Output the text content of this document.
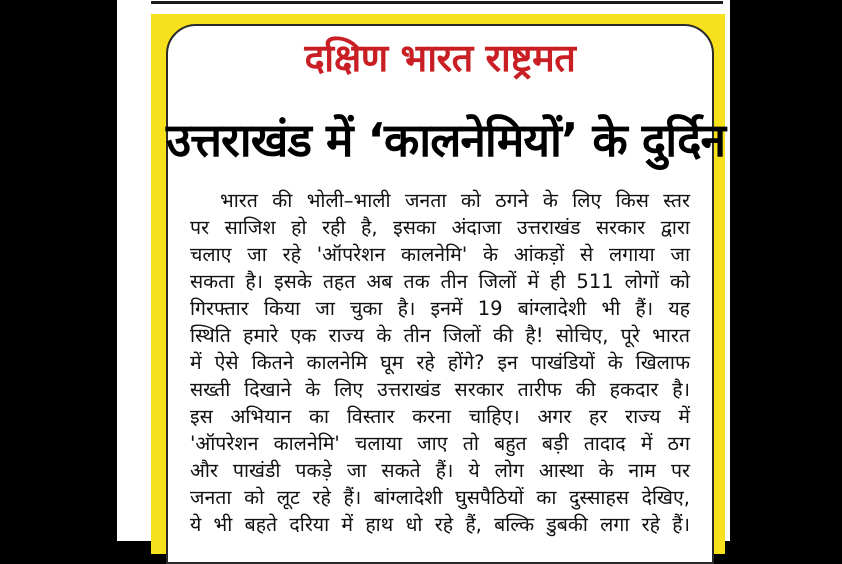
दक्षिण भारत राष्ट्रमत
उत्तराखंड में ‘कालनेमियों’ के दुर्दिन
भारत की भोली–भाली जनता को ठगने के लिए किस स्तर
पर साजिश हो रही है, इसका अंदाजा उत्तराखंड सरकार द्वारा
चलाए जा रहे 'ऑपरेशन कालनेमि' के आंकड़ों से लगाया जा
सकता है। इसके तहत अब तक तीन जिलों में ही 511 लोगों को
गिरफ्तार किया जा चुका है। इनमें 19 बांग्लादेशी भी हैं। यह
स्थिति हमारे एक राज्य के तीन जिलों की है! सोचिए, पूरे भारत
में ऐसे कितने कालनेमि घूम रहे होंगे? इन पाखंडियों के खिलाफ
सख्ती दिखाने के लिए उत्तराखंड सरकार तारीफ की हकदार है।
इस अभियान का विस्तार करना चाहिए। अगर हर राज्य में
'ऑपरेशन कालनेमि' चलाया जाए तो बहुत बड़ी तादाद में ठग
और पाखंडी पकड़े जा सकते हैं। ये लोग आस्था के नाम पर
जनता को लूट रहे हैं। बांग्लादेशी घुसपैठियों का दुस्साहस देखिए,
ये भी बहते दरिया में हाथ धो रहे हैं, बल्कि डुबकी लगा रहे हैं।
